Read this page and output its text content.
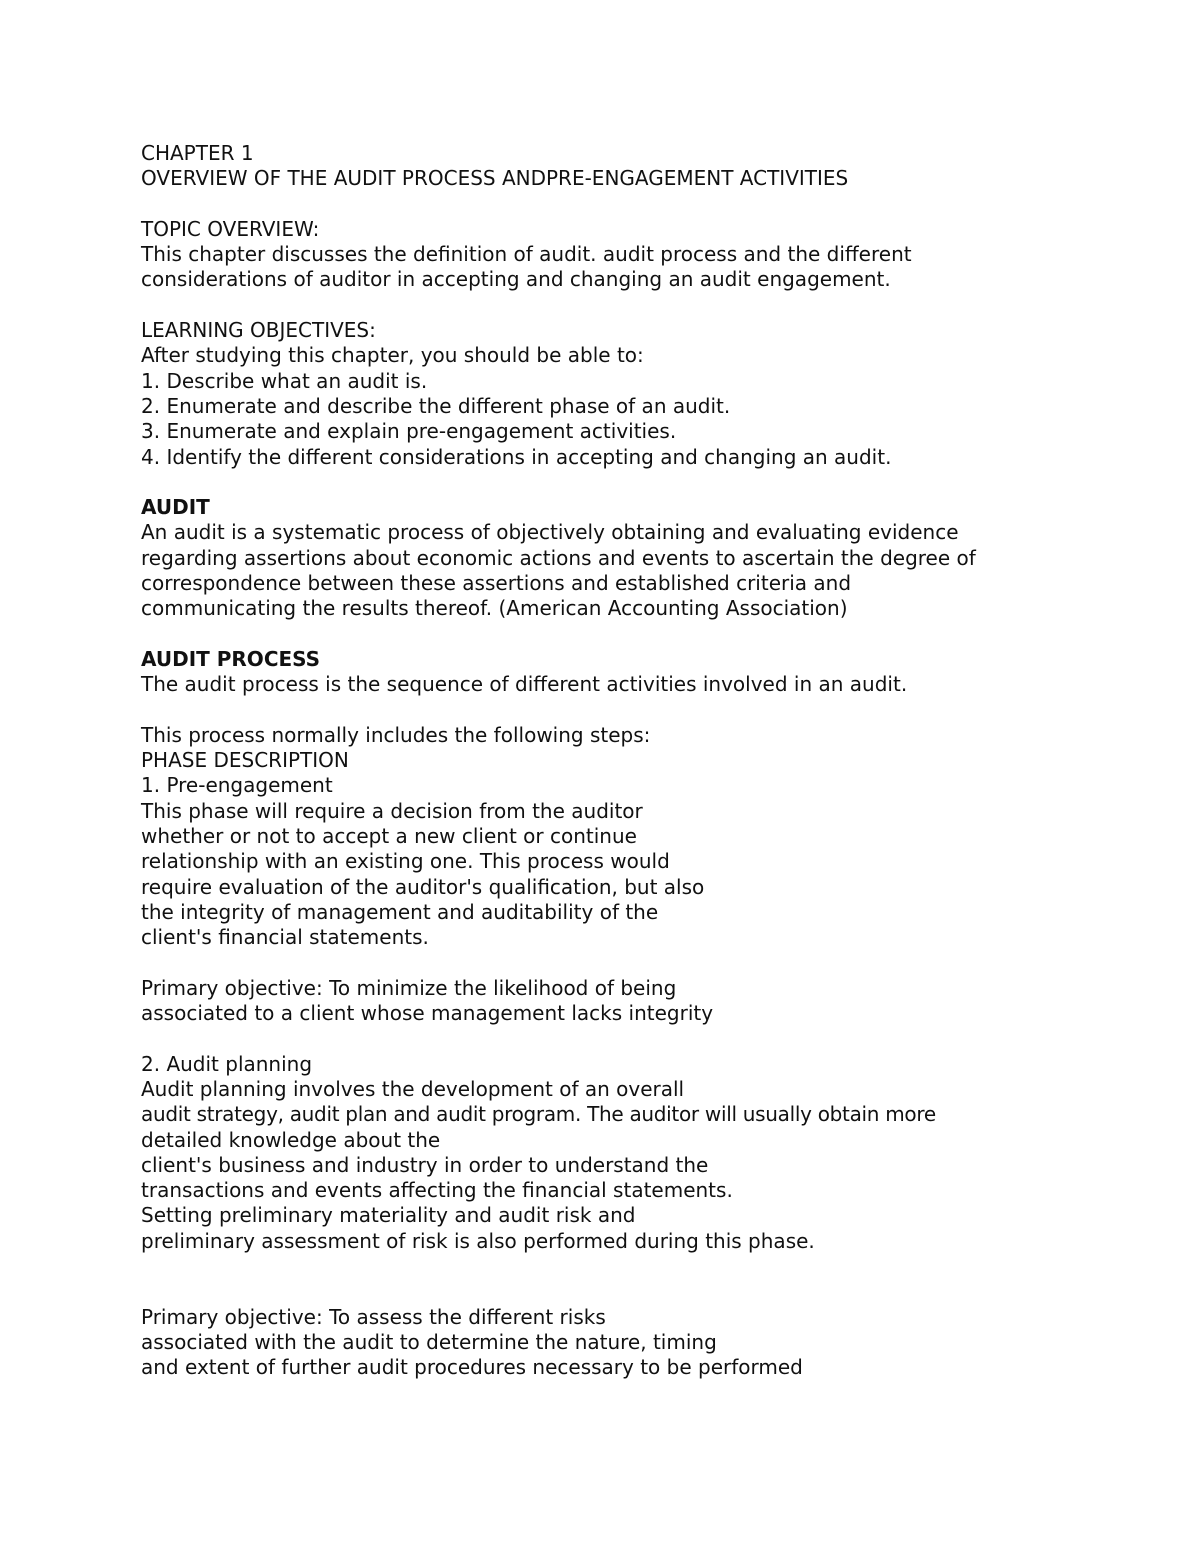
CHAPTER 1
OVERVIEW OF THE AUDIT PROCESS ANDPRE-ENGAGEMENT ACTIVITIES
TOPIC OVERVIEW:
This chapter discusses the definition of audit. audit process and the different
considerations of auditor in accepting and changing an audit engagement.
LEARNING OBJECTIVES:
After studying this chapter, you should be able to:
1. Describe what an audit is.
2. Enumerate and describe the different phase of an audit.
3. Enumerate and explain pre-engagement activities.
4. Identify the different considerations in accepting and changing an audit.
AUDIT
An audit is a systematic process of objectively obtaining and evaluating evidence
regarding assertions about economic actions and events to ascertain the degree of
correspondence between these assertions and established criteria and
communicating the results thereof. (American Accounting Association)
AUDIT PROCESS
The audit process is the sequence of different activities involved in an audit.
This process normally includes the following steps:
PHASE DESCRIPTION
1. Pre-engagement
This phase will require a decision from the auditor
whether or not to accept a new client or continue
relationship with an existing one. This process would
require evaluation of the auditor's qualification, but also
the integrity of management and auditability of the
client's financial statements.
Primary objective: To minimize the likelihood of being
associated to a client whose management lacks integrity
2. Audit planning
Audit planning involves the development of an overall
audit strategy, audit plan and audit program. The auditor will usually obtain more
detailed knowledge about the
client's business and industry in order to understand the
transactions and events affecting the financial statements.
Setting preliminary materiality and audit risk and
preliminary assessment of risk is also performed during this phase.
Primary objective: To assess the different risks
associated with the audit to determine the nature, timing
and extent of further audit procedures necessary to be performed
